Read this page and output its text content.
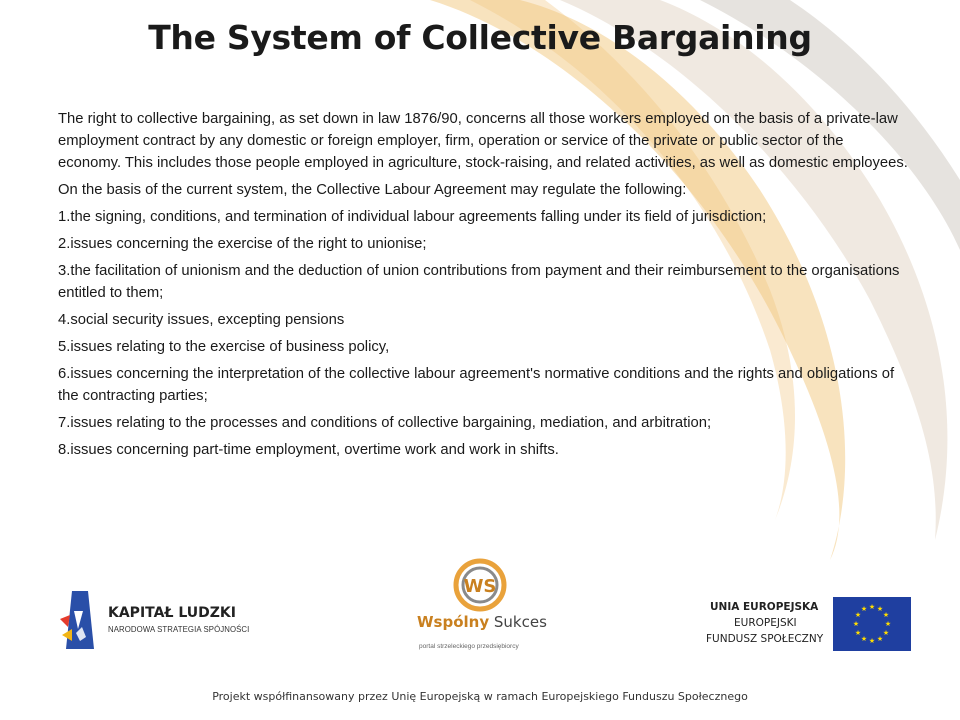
The System of Collective Bargaining

The right to collective bargaining, as set down in law 1876/90, concerns all those workers employed on the basis of a private-law employment contract by any domestic or foreign employer, firm, operation or service of the private or public sector of the economy. This includes those people employed in agriculture, stock-raising, and related activities, as well as domestic employees.

On the basis of the current system, the Collective Labour Agreement may regulate the following:

1.the signing, conditions, and termination of individual labour agreements falling under its field of jurisdiction;

2.issues concerning the exercise of the right to unionise;

3.the facilitation of unionism and the deduction of union contributions from payment and their reimbursement to the organisations entitled to them;

4.social security issues, excepting pensions

5.issues relating to the exercise of business policy,

6.issues concerning the interpretation of the collective labour agreement's normative conditions and the rights and obligations of the contracting parties;

7.issues relating to the processes and conditions of collective bargaining, mediation, and arbitration;

8.issues concerning part-time employment, overtime work and work in shifts.

KAPITAŁ LUDZKI
NARODOWA STRATEGIA SPÓJNOŚCI
WS
Wspólny Sukces
portal strzeleckiego przedsiębiorcy
UNIA EUROPEJSKA
EUROPEJSKI
FUNDUSZ SPOŁECZNY
★ ★
★
★
★
★
★
★
★
★
★
★
Projekt współfinansowany przez Unię Europejską w ramach Europejskiego Funduszu Społecznego
